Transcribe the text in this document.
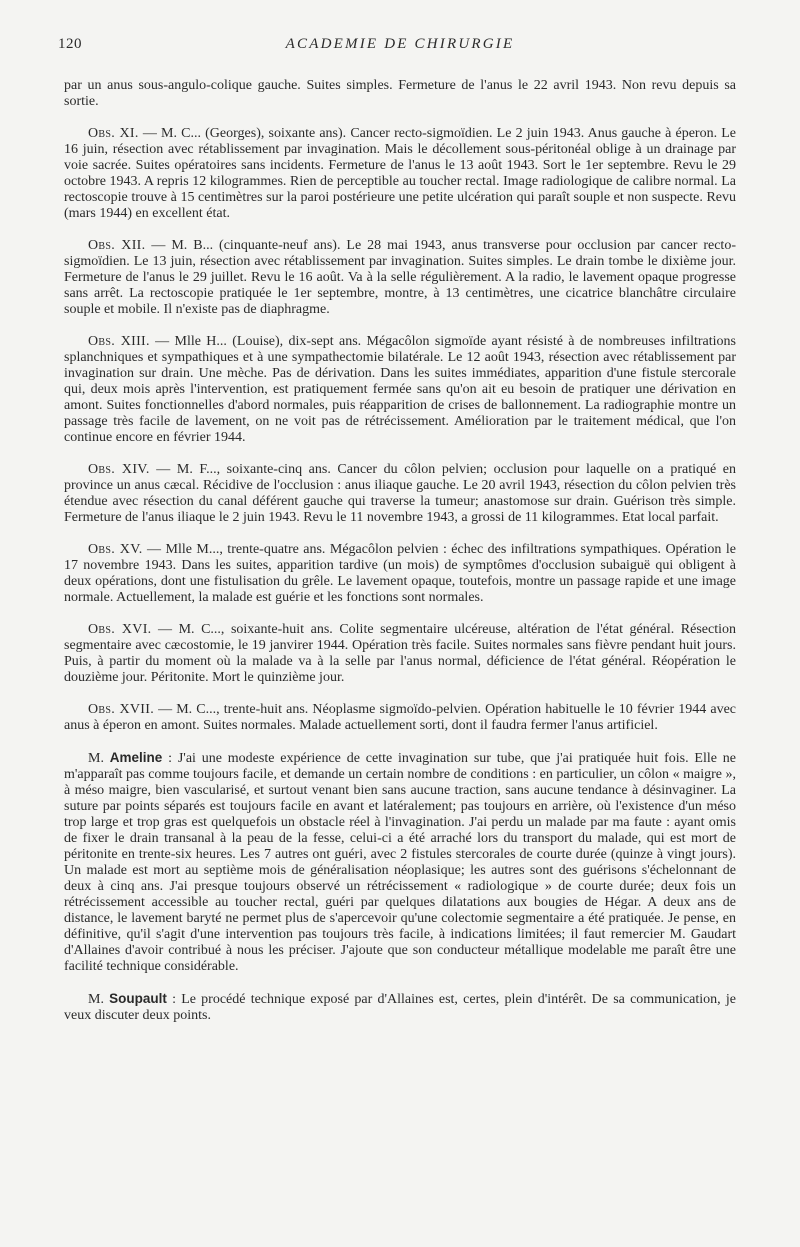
120	ACADEMIE DE CHIRURGIE

par un anus sous-angulo-colique gauche. Suites simples. Fermeture de l'anus le 22 avril 1943. Non revu depuis sa sortie.

Obs. XI. — M. C... (Georges), soixante ans). Cancer recto-sigmoïdien. Le 2 juin 1943. Anus gauche à éperon. Le 16 juin, résection avec rétablissement par invagination. Mais le décollement sous-péritonéal oblige à un drainage par voie sacrée. Suites opératoires sans incidents. Fermeture de l'anus le 13 août 1943. Sort le 1er septembre. Revu le 29 octobre 1943. A repris 12 kilogrammes. Rien de perceptible au toucher rectal. Image radiologique de calibre normal. La rectoscopie trouve à 15 centimètres sur la paroi postérieure une petite ulcération qui paraît souple et non suspecte. Revu (mars 1944) en excellent état.

Obs. XII. — M. B... (cinquante-neuf ans). Le 28 mai 1943, anus transverse pour occlusion par cancer recto-sigmoïdien. Le 13 juin, résection avec rétablissement par invagination. Suites simples. Le drain tombe le dixième jour. Fermeture de l'anus le 29 juillet. Revu le 16 août. Va à la selle régulièrement. A la radio, le lavement opaque progresse sans arrêt. La rectoscopie pratiquée le 1er septembre, montre, à 13 centimètres, une cicatrice blanchâtre circulaire souple et mobile. Il n'existe pas de diaphragme.

Obs. XIII. — Mlle H... (Louise), dix-sept ans. Mégacôlon sigmoïde ayant résisté à de nombreuses infiltrations splanchniques et sympathiques et à une sympathectomie bilatérale. Le 12 août 1943, résection avec rétablissement par invagination sur drain. Une mèche. Pas de dérivation. Dans les suites immédiates, apparition d'une fistule stercorale qui, deux mois après l'intervention, est pratiquement fermée sans qu'on ait eu besoin de pratiquer une dérivation en amont. Suites fonctionnelles d'abord normales, puis réapparition de crises de ballonnement. La radiographie montre un passage très facile de lavement, on ne voit pas de rétrécissement. Amélioration par le traitement médical, que l'on continue encore en février 1944.

Obs. XIV. — M. F..., soixante-cinq ans. Cancer du côlon pelvien; occlusion pour laquelle on a pratiqué en province un anus cæcal. Récidive de l'occlusion : anus iliaque gauche. Le 20 avril 1943, résection du côlon pelvien très étendue avec résection du canal déférent gauche qui traverse la tumeur; anastomose sur drain. Guérison très simple. Fermeture de l'anus iliaque le 2 juin 1943. Revu le 11 novembre 1943, a grossi de 11 kilogrammes. Etat local parfait.

Obs. XV. — Mlle M..., trente-quatre ans. Mégacôlon pelvien : échec des infiltrations sympathiques. Opération le 17 novembre 1943. Dans les suites, apparition tardive (un mois) de symptômes d'occlusion subaiguë qui obligent à deux opérations, dont une fistulisation du grêle. Le lavement opaque, toutefois, montre un passage rapide et une image normale. Actuellement, la malade est guérie et les fonctions sont normales.

Obs. XVI. — M. C..., soixante-huit ans. Colite segmentaire ulcéreuse, altération de l'état général. Résection segmentaire avec cæcostomie, le 19 janvirer 1944. Opération très facile. Suites normales sans fièvre pendant huit jours. Puis, à partir du moment où la malade va à la selle par l'anus normal, déficience de l'état général. Réopération le douzième jour. Péritonite. Mort le quinzième jour.

Obs. XVII. — M. C..., trente-huit ans. Néoplasme sigmoïdo-pelvien. Opération habituelle le 10 février 1944 avec anus à éperon en amont. Suites normales. Malade actuellement sorti, dont il faudra fermer l'anus artificiel.

M. Ameline : J'ai une modeste expérience de cette invagination sur tube, que j'ai pratiquée huit fois. Elle ne m'apparaît pas comme toujours facile, et demande un certain nombre de conditions : en particulier, un côlon « maigre », à méso maigre, bien vascularisé, et surtout venant bien sans aucune traction, sans aucune tendance à désinvaginer. La suture par points séparés est toujours facile en avant et latéralement; pas toujours en arrière, où l'existence d'un méso trop large et trop gras est quelquefois un obstacle réel à l'invagination. J'ai perdu un malade par ma faute : ayant omis de fixer le drain transanal à la peau de la fesse, celui-ci a été arraché lors du transport du malade, qui est mort de péritonite en trente-six heures. Les 7 autres ont guéri, avec 2 fistules stercorales de courte durée (quinze à vingt jours). Un malade est mort au septième mois de généralisation néoplasique; les autres sont des guérisons s'échelonnant de deux à cinq ans. J'ai presque toujours observé un rétrécissement « radiologique » de courte durée; deux fois un rétrécissement accessible au toucher rectal, guéri par quelques dilatations aux bougies de Hégar. A deux ans de distance, le lavement baryté ne permet plus de s'apercevoir qu'une colectomie segmentaire a été pratiquée. Je pense, en définitive, qu'il s'agit d'une intervention pas toujours très facile, à indications limitées; il faut remercier M. Gaudart d'Allaines d'avoir contribué à nous les préciser. J'ajoute que son conducteur métallique modelable me paraît être une facilité technique considérable.

M. Soupault : Le procédé technique exposé par d'Allaines est, certes, plein d'intérêt. De sa communication, je veux discuter deux points.
